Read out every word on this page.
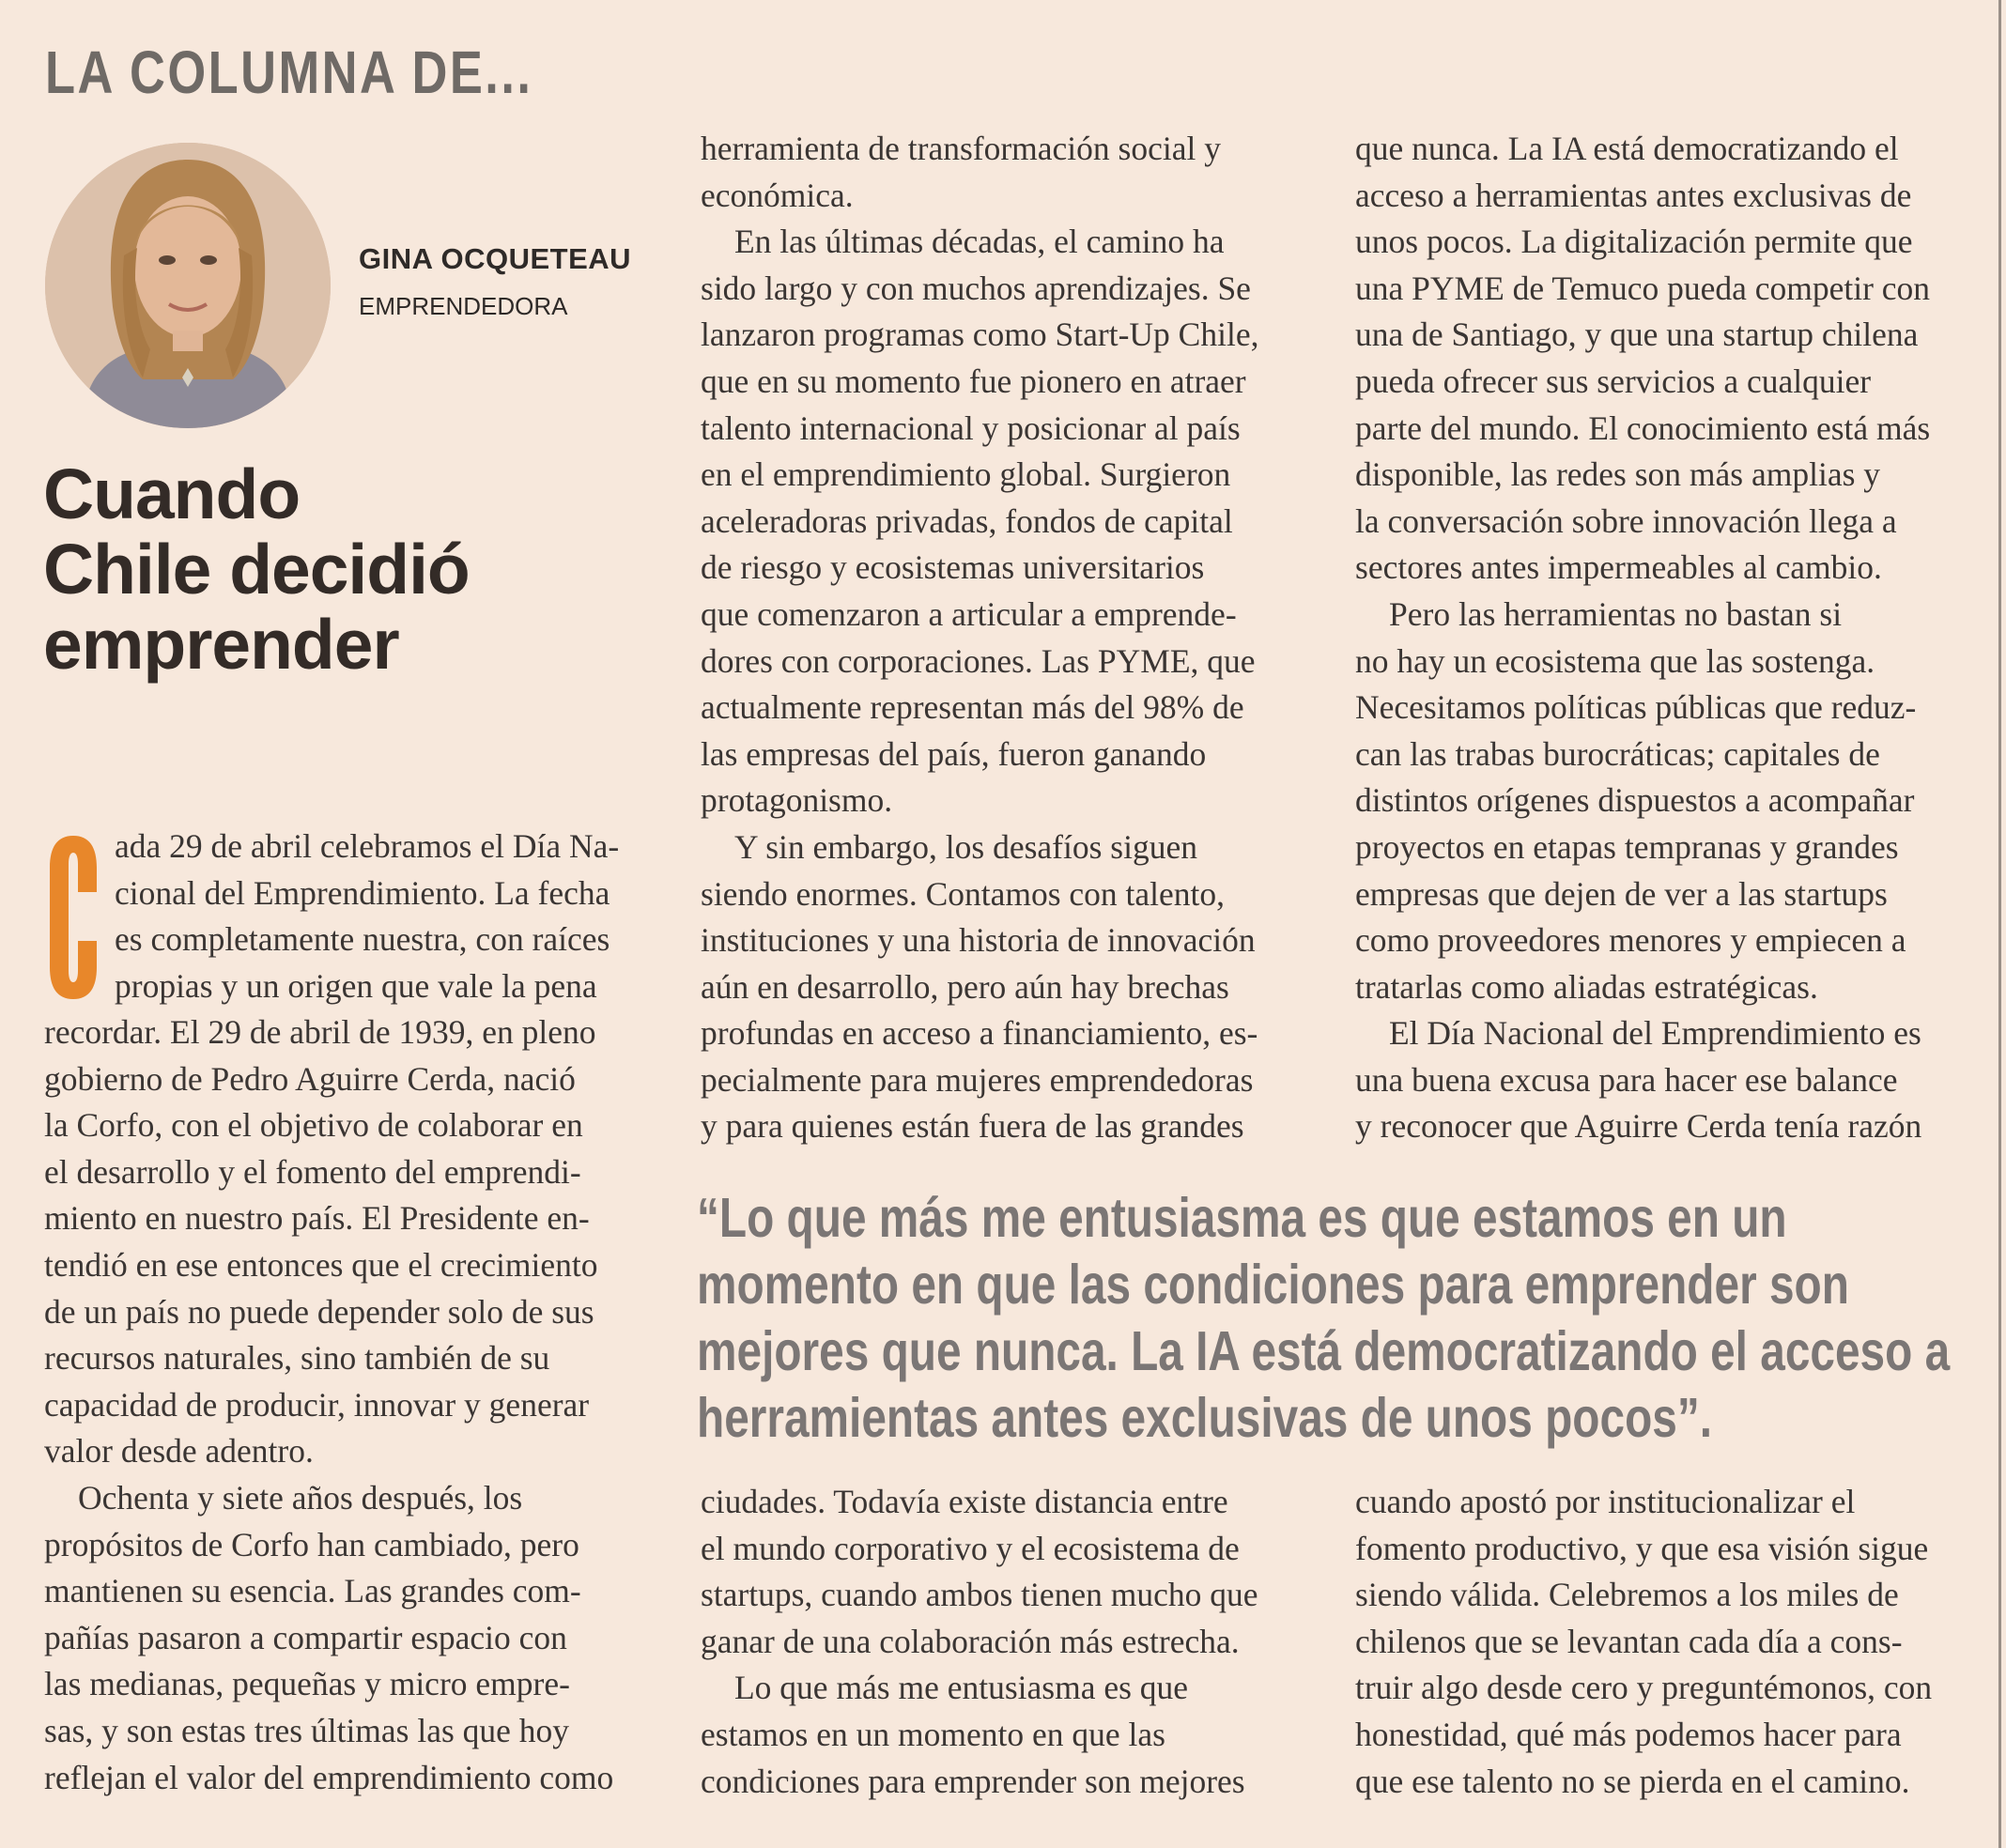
LA COLUMNA DE...
GINA OCQUETEAU
EMPRENDEDORA
Cuando
Chile decidió
emprender
C ada 29 de abril celebramos el Día Na-
cional del Emprendimiento. La fecha
es completamente nuestra, con raíces
propias y un origen que vale la pena
recordar. El 29 de abril de 1939, en pleno
gobierno de Pedro Aguirre Cerda, nació
la Corfo, con el objetivo de colaborar en
el desarrollo y el fomento del emprendi-
miento en nuestro país. El Presidente en-
tendió en ese entonces que el crecimiento
de un país no puede depender solo de sus
recursos naturales, sino también de su
capacidad de producir, innovar y generar
valor desde adentro.
Ochenta y siete años después, los
propósitos de Corfo han cambiado, pero
mantienen su esencia. Las grandes com-
pañías pasaron a compartir espacio con
las medianas, pequeñas y micro empre-
sas, y son estas tres últimas las que hoy
reflejan el valor del emprendimiento como
herramienta de transformación social y
económica.
En las últimas décadas, el camino ha
sido largo y con muchos aprendizajes. Se
lanzaron programas como Start-Up Chile,
que en su momento fue pionero en atraer
talento internacional y posicionar al país
en el emprendimiento global. Surgieron
aceleradoras privadas, fondos de capital
de riesgo y ecosistemas universitarios
que comenzaron a articular a emprende-
dores con corporaciones. Las PYME, que
actualmente representan más del 98% de
las empresas del país, fueron ganando
protagonismo.
Y sin embargo, los desafíos siguen
siendo enormes. Contamos con talento,
instituciones y una historia de innovación
aún en desarrollo, pero aún hay brechas
profundas en acceso a financiamiento, es-
pecialmente para mujeres emprendedoras
y para quienes están fuera de las grandes
que nunca. La IA está democratizando el
acceso a herramientas antes exclusivas de
unos pocos. La digitalización permite que
una PYME de Temuco pueda competir con
una de Santiago, y que una startup chilena
pueda ofrecer sus servicios a cualquier
parte del mundo. El conocimiento está más
disponible, las redes son más amplias y
la conversación sobre innovación llega a
sectores antes impermeables al cambio.
Pero las herramientas no bastan si
no hay un ecosistema que las sostenga.
Necesitamos políticas públicas que reduz-
can las trabas burocráticas; capitales de
distintos orígenes dispuestos a acompañar
proyectos en etapas tempranas y grandes
empresas que dejen de ver a las startups
como proveedores menores y empiecen a
tratarlas como aliadas estratégicas.
El Día Nacional del Emprendimiento es
una buena excusa para hacer ese balance
y reconocer que Aguirre Cerda tenía razón
“Lo que más me entusiasma es que estamos en un
momento en que las condiciones para emprender son
mejores que nunca. La IA está democratizando el acceso a
herramientas antes exclusivas de unos pocos”.
ciudades. Todavía existe distancia entre
el mundo corporativo y el ecosistema de
startups, cuando ambos tienen mucho que
ganar de una colaboración más estrecha.
Lo que más me entusiasma es que
estamos en un momento en que las
condiciones para emprender son mejores
cuando apostó por institucionalizar el
fomento productivo, y que esa visión sigue
siendo válida. Celebremos a los miles de
chilenos que se levantan cada día a cons-
truir algo desde cero y preguntémonos, con
honestidad, qué más podemos hacer para
que ese talento no se pierda en el camino.
